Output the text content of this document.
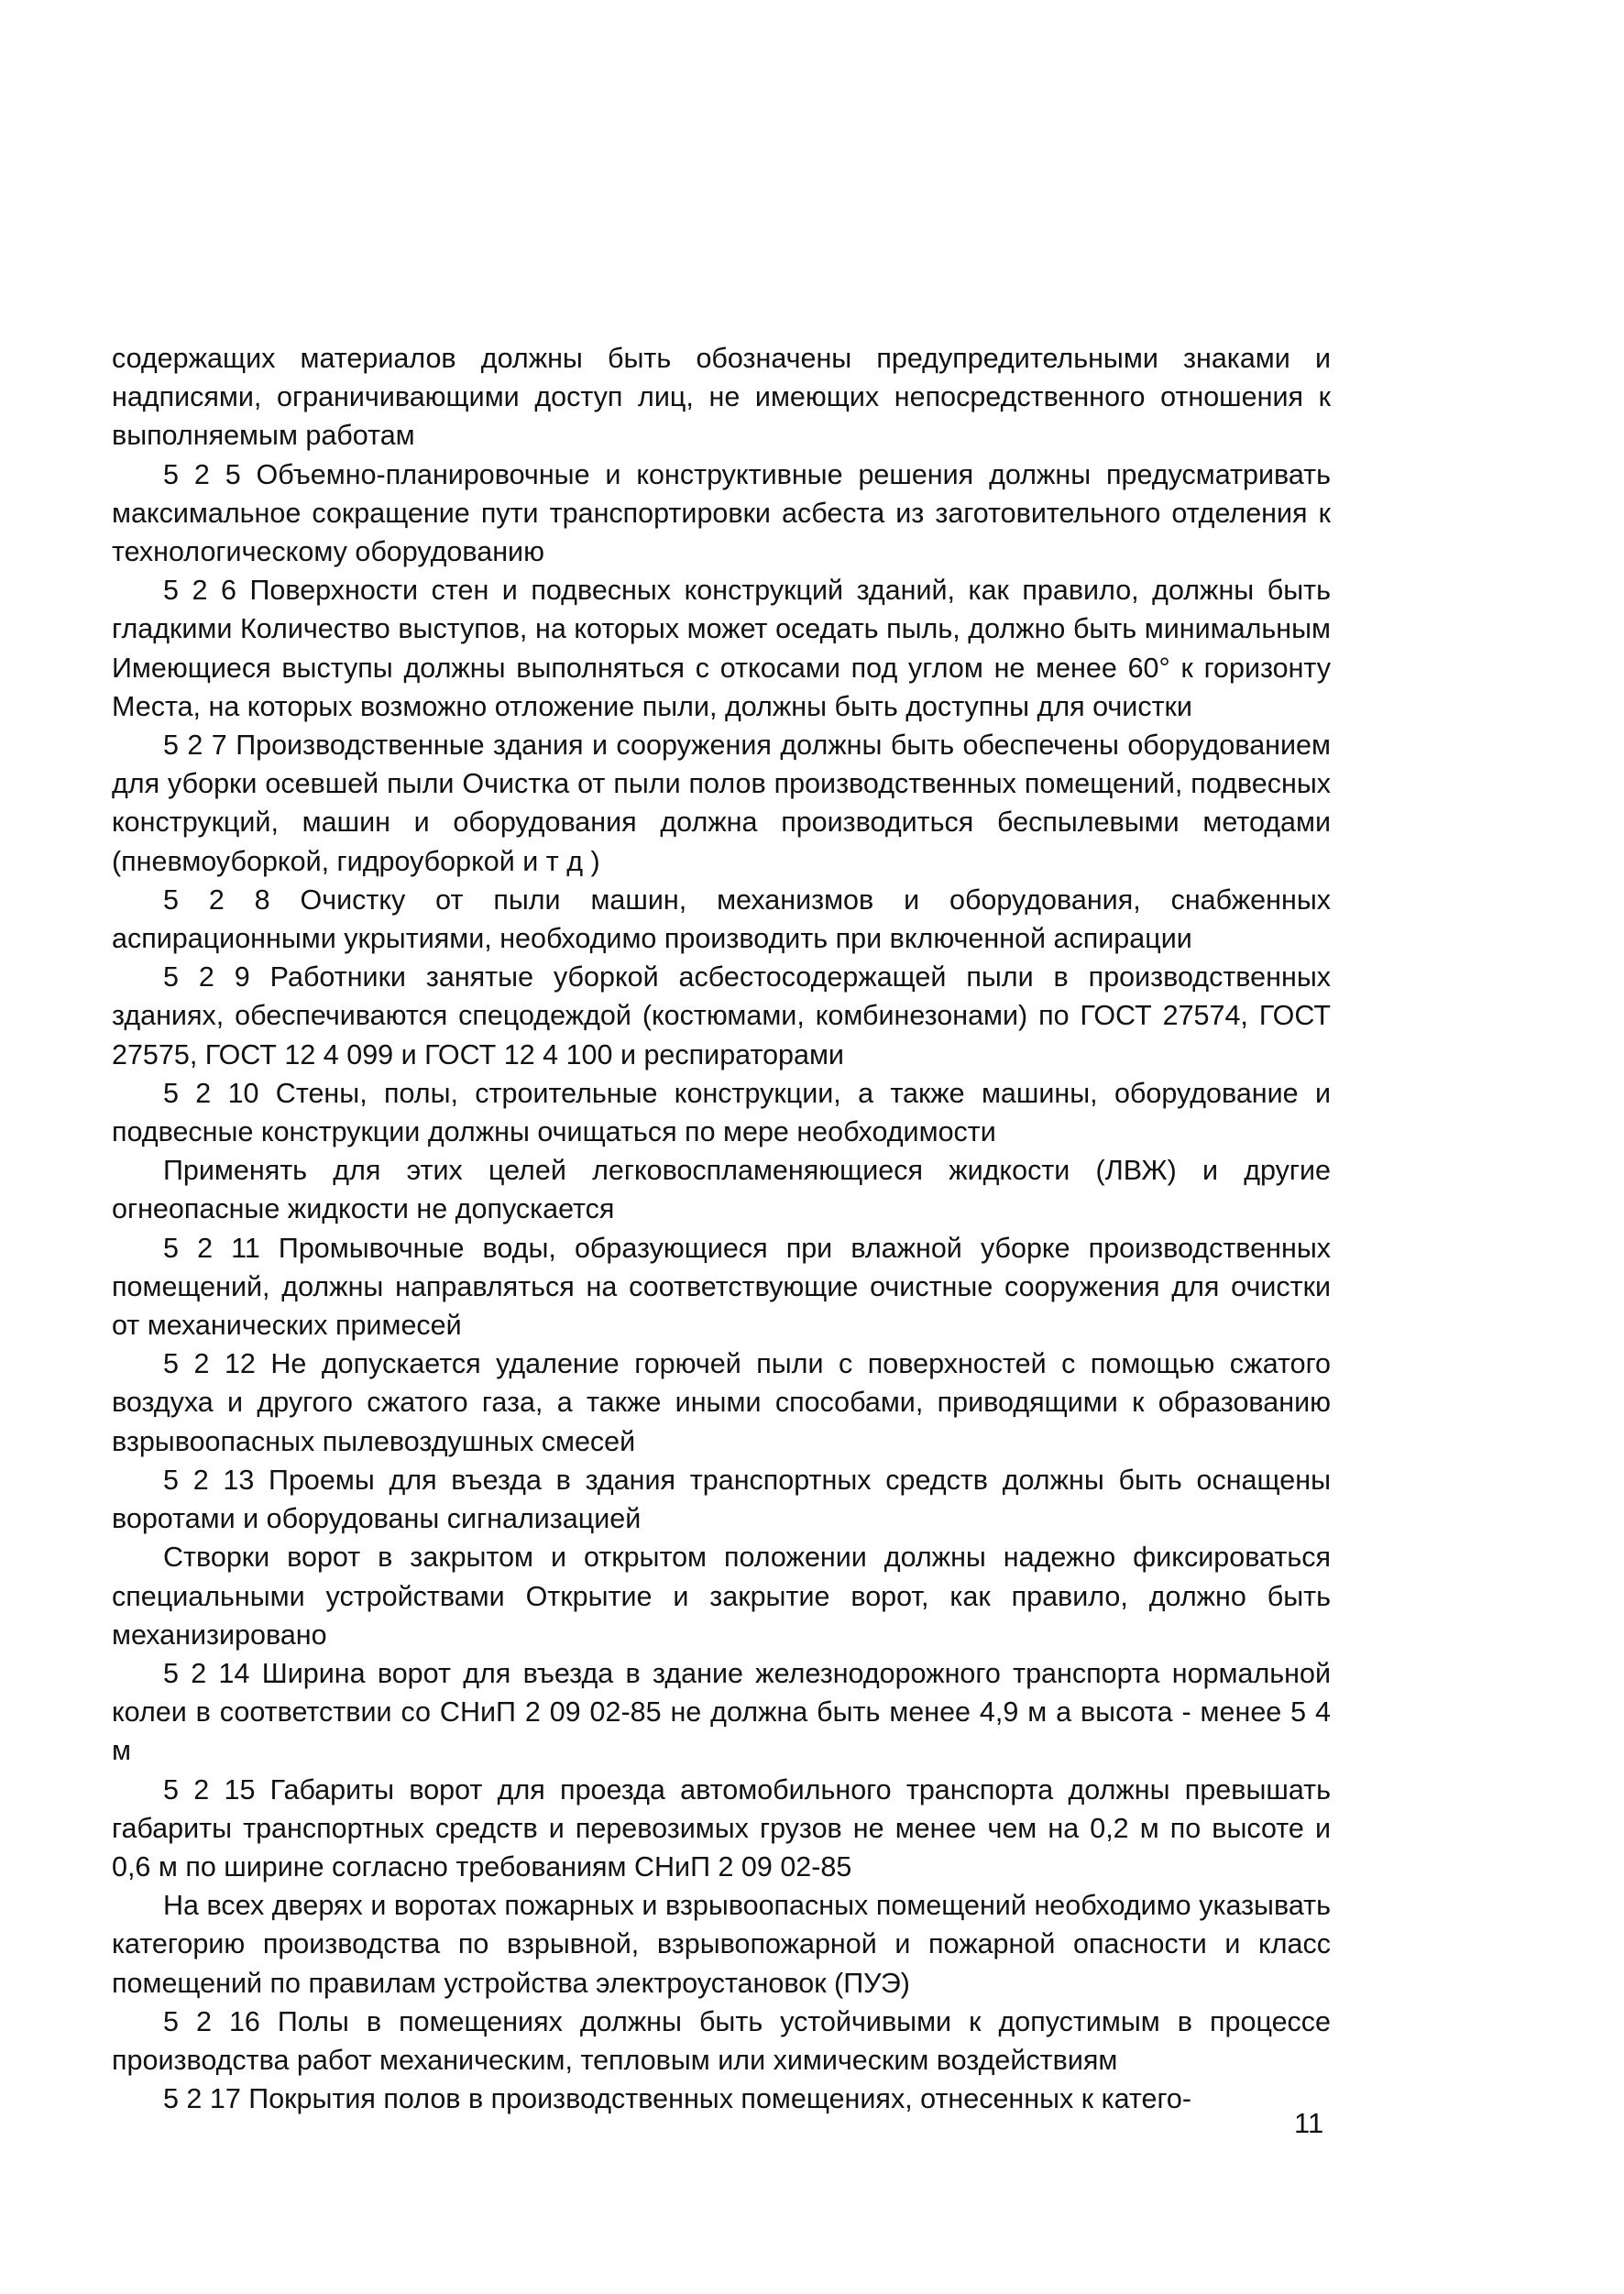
содержащих материалов должны быть обозначены предупредительными знаками и надписями, ограничивающими доступ лиц, не имеющих непосредственного отношения к выполняемым работам

5 2 5 Объемно-планировочные и конструктивные решения должны предусматривать максимальное сокращение пути транспортировки асбеста из заготовительного отделения к технологическому оборудованию

5 2 6 Поверхности стен и подвесных конструкций зданий, как правило, должны быть гладкими Количество выступов, на которых может оседать пыль, должно быть минимальным Имеющиеся выступы должны выполняться с откосами под углом не менее 60° к горизонту Места, на которых возможно отложение пыли, должны быть доступны для очистки

5 2 7 Производственные здания и сооружения должны быть обеспечены оборудованием для уборки осевшей пыли Очистка от пыли полов производственных помещений, подвесных конструкций, машин и оборудования должна производиться беспылевыми методами (пневмоуборкой, гидроуборкой и т д )

5 2 8 Очистку от пыли машин, механизмов и оборудования, снабженных аспирационными укрытиями, необходимо производить при включенной аспирации

5 2 9 Работники занятые уборкой асбестосодержащей пыли в производственных зданиях, обеспечиваются спецодеждой (костюмами, комбинезонами) по ГОСТ 27574, ГОСТ 27575, ГОСТ 12 4 099 и ГОСТ 12 4 100 и респираторами

5 2 10 Стены, полы, строительные конструкции, а также машины, оборудование и подвесные конструкции должны очищаться по мере необходимости

Применять для этих целей легковоспламеняющиеся жидкости (ЛВЖ) и другие огнеопасные жидкости не допускается

5 2 11 Промывочные воды, образующиеся при влажной уборке производственных помещений, должны направляться на соответствующие очистные сооружения для очистки от механических примесей

5 2 12 Не допускается удаление горючей пыли с поверхностей с помощью сжатого воздуха и другого сжатого газа, а также иными способами, приводящими к образованию взрывоопасных пылевоздушных смесей

5 2 13 Проемы для въезда в здания транспортных средств должны быть оснащены воротами и оборудованы сигнализацией

Створки ворот в закрытом и открытом положении должны надежно фиксироваться специальными устройствами Открытие и закрытие ворот, как правило, должно быть механизировано

5 2 14 Ширина ворот для въезда в здание железнодорожного транспорта нормальной колеи в соответствии со СНиП 2 09 02-85 не должна быть менее 4,9 м а высота - менее 5 4 м

5 2 15 Габариты ворот для проезда автомобильного транспорта должны превышать габариты транспортных средств и перевозимых грузов не менее чем на 0,2 м по высоте и 0,6 м по ширине согласно требованиям СНиП 2 09 02-85

На всех дверях и воротах пожарных и взрывоопасных помещений необходимо указывать категорию производства по взрывной, взрывопожарной и пожарной опасности и класс помещений по правилам устройства электроустановок (ПУЭ)

5 2 16 Полы в помещениях должны быть устойчивыми к допустимым в процессе производства работ механическим, тепловым или химическим воздействиям

5 2 17 Покрытия полов в производственных помещениях, отнесенных к катего-

11
